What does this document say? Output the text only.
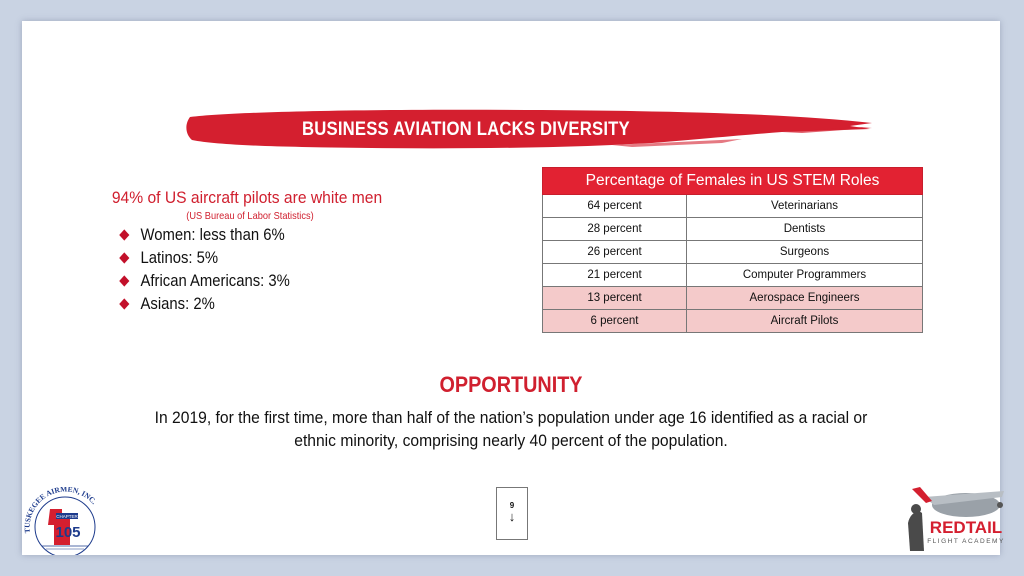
BUSINESS AVIATION LACKS DIVERSITY
94% of US aircraft pilots are white men
(US Bureau of Labor Statistics)
Women: less than 6%
Latinos: 5%
African Americans: 3%
Asians: 2%
Percentage of Females in US STEM Roles	
64 percent	Veterinarians
28 percent	Dentists
26 percent	Surgeons
21 percent	Computer Programmers
13 percent	Aerospace Engineers
6 percent	Aircraft Pilots
OPPORTUNITY
In 2019, for the first time, more than half of the nation’s population under age 16 identified as a racial or ethnic minority, comprising nearly 40 percent of the population.
9
↓
TUSKEGEE AIRMEN, INC.
CHAPTER
105	REDTAIL
FLIGHT ACADEMY
